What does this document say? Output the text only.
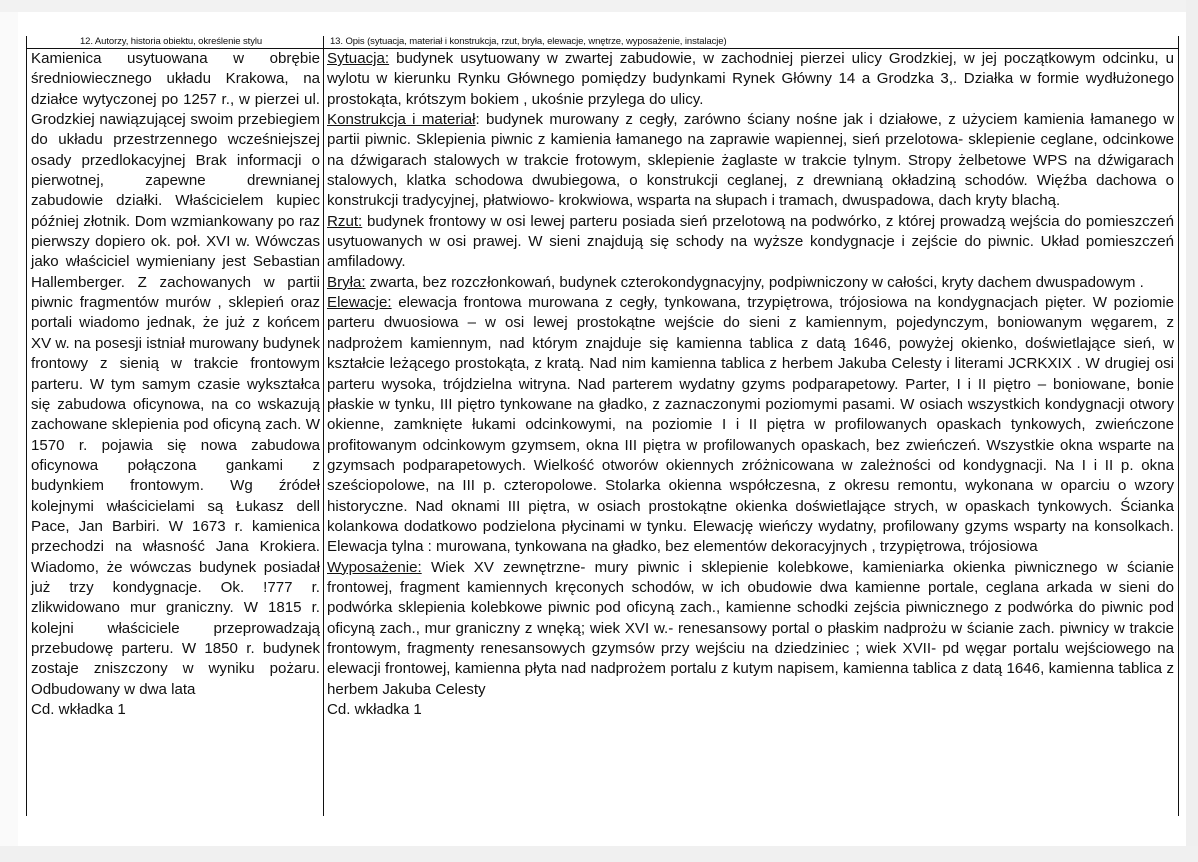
12. Autorzy, historia obiektu, określenie stylu	13. Opis (sytuacja, materiał i konstrukcja, rzut, bryła, elewacje, wnętrze, wyposażenie, instalacje)

Kamienica usytuowana w obrębie średniowiecznego układu Krakowa, na działce wytyczonej po 1257 r., w pierzei ul. Grodzkiej nawiązującej swoim przebiegiem do układu przestrzennego wcześniejszej osady przedlokacyjnej Brak informacji o pierwotnej, zapewne drewnianej zabudowie działki. Właścicielem kupiec później złotnik. Dom wzmiankowany po raz pierwszy dopiero ok. poł. XVI w. Wówczas jako właściciel wymieniany jest Sebastian Hallemberger. Z zachowanych w partii piwnic fragmentów murów , sklepień oraz portali wiadomo jednak, że już z końcem XV w. na posesji istniał murowany budynek frontowy z sienią w trakcie frontowym parteru. W tym samym czasie wykształca się zabudowa oficynowa, na co wskazują zachowane sklepienia pod oficyną zach. W 1570 r. pojawia się nowa zabudowa oficynowa połączona gankami z budynkiem frontowym. Wg źródeł kolejnymi właścicielami są Łukasz dell Pace, Jan Barbiri. W 1673 r. kamienica przechodzi na własność Jana Krokiera. Wiadomo, że wówczas budynek posiadał już trzy kondygnacje. Ok. !777 r. zlikwidowano mur graniczny. W 1815 r. kolejni właściciele przeprowadzają przebudowę parteru. W 1850 r. budynek zostaje zniszczony w wyniku pożaru. Odbudowany w dwa lata

Cd. wkładka 1

Sytuacja: budynek usytuowany w zwartej zabudowie, w zachodniej pierzei ulicy Grodzkiej, w jej początkowym odcinku, u wylotu w kierunku Rynku Głównego pomiędzy budynkami Rynek Główny 14 a Grodzka 3,. Działka w formie wydłużonego prostokąta, krótszym bokiem , ukośnie przylega do ulicy.

Konstrukcja i materiał: budynek murowany z cegły, zarówno ściany nośne jak i działowe, z użyciem kamienia łamanego w partii piwnic. Sklepienia piwnic z kamienia łamanego na zaprawie wapiennej, sień przelotowa- sklepienie ceglane, odcinkowe na dźwigarach stalowych w trakcie frotowym, sklepienie żaglaste w trakcie tylnym. Stropy żelbetowe WPS na dźwigarach stalowych, klatka schodowa dwubiegowa, o konstrukcji ceglanej, z drewnianą okładziną schodów. Więźba dachowa o konstrukcji tradycyjnej, płatwiowo- krokwiowa, wsparta na słupach i tramach, dwuspadowa, dach kryty blachą.

Rzut: budynek frontowy w osi lewej parteru posiada sień przelotową na podwórko, z której prowadzą wejścia do pomieszczeń usytuowanych w osi prawej. W sieni znajdują się schody na wyższe kondygnacje i zejście do piwnic. Układ pomieszczeń amfiladowy.

Bryła: zwarta, bez rozczłonkowań, budynek czterokondygnacyjny, podpiwniczony w całości, kryty dachem dwuspadowym .

Elewacje: elewacja frontowa murowana z cegły, tynkowana, trzypiętrowa, trójosiowa na kondygnacjach pięter. W poziomie parteru dwuosiowa – w osi lewej prostokątne wejście do sieni z kamiennym, pojedynczym, boniowanym węgarem, z nadprożem kamiennym, nad którym znajduje się kamienna tablica z datą 1646, powyżej okienko, doświetlające sień, w kształcie leżącego prostokąta, z kratą. Nad nim kamienna tablica z herbem Jakuba Celesty i literami JCRKXIX . W drugiej osi parteru wysoka, trójdzielna witryna. Nad parterem wydatny gzyms podparapetowy. Parter, I i II piętro – boniowane, bonie płaskie w tynku, III piętro tynkowane na gładko, z zaznaczonymi poziomymi pasami. W osiach wszystkich kondygnacji otwory okienne, zamknięte łukami odcinkowymi, na poziomie I i II piętra w profilowanych opaskach tynkowych, zwieńczone profitowanym odcinkowym gzymsem, okna III piętra w profilowanych opaskach, bez zwieńczeń. Wszystkie okna wsparte na gzymsach podparapetowych. Wielkość otworów okiennych zróżnicowana w zależności od kondygnacji. Na I i II p. okna sześciopolowe, na III p. czteropolowe. Stolarka okienna współczesna, z okresu remontu, wykonana w oparciu o wzory historyczne. Nad oknami III piętra, w osiach prostokątne okienka doświetlające strych, w opaskach tynkowych. Ścianka kolankowa dodatkowo podzielona płycinami w tynku. Elewację wieńczy wydatny, profilowany gzyms wsparty na konsolkach. Elewacja tylna : murowana, tynkowana na gładko, bez elementów dekoracyjnych , trzypiętrowa, trójosiowa

Wyposażenie: Wiek XV zewnętrzne- mury piwnic i sklepienie kolebkowe, kamieniarka okienka piwnicznego w ścianie frontowej, fragment kamiennych kręconych schodów, w ich obudowie dwa kamienne portale, ceglana arkada w sieni do podwórka sklepienia kolebkowe piwnic pod oficyną zach., kamienne schodki zejścia piwnicznego z podwórka do piwnic pod oficyną zach., mur graniczny z wnęką; wiek XVI w.- renesansowy portal o płaskim nadprożu w ścianie zach. piwnicy w trakcie frontowym, fragmenty renesansowych gzymsów przy wejściu na dziedziniec ; wiek XVII- pd węgar portalu wejściowego na elewacji frontowej, kamienna płyta nad nadprożem portalu z kutym napisem, kamienna tablica z datą 1646, kamienna tablica z herbem Jakuba Celesty

Cd. wkładka 1
